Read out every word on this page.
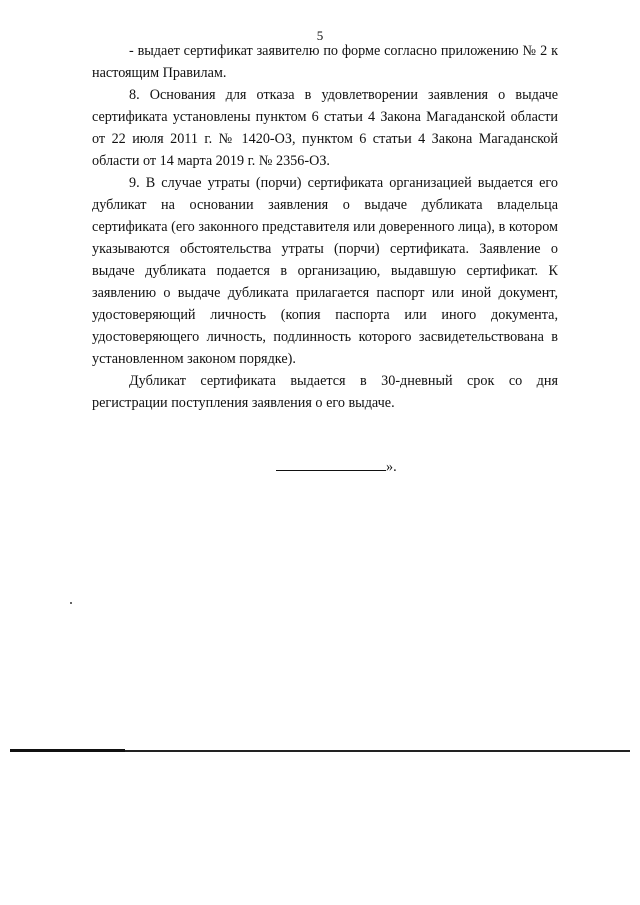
5

- выдает сертификат заявителю по форме согласно приложению № 2 к настоящим Правилам.

8. Основания для отказа в удовлетворении заявления о выдаче сертификата установлены пунктом 6 статьи 4 Закона Магаданской области от 22 июля 2011 г. № 1420-ОЗ, пунктом 6 статьи 4 Закона Магаданской области от 14 марта 2019 г. № 2356-ОЗ.

9. В случае утраты (порчи) сертификата организацией выдается его дубликат на основании заявления о выдаче дубликата владельца сертификата (его законного представителя или доверенного лица), в котором указываются обстоятельства утраты (порчи) сертификата. Заявление о выдаче дубликата подается в организацию, выдавшую сертификат. К заявлению о выдаче дубликата прилагается паспорт или иной документ, удостоверяющий личность (копия паспорта или иного документа, удостоверяющего личность, подлинность которого засвидетельствована в установленном законом порядке).

Дубликат сертификата выдается в 30-дневный срок со дня регистрации поступления заявления о его выдаче.

».
